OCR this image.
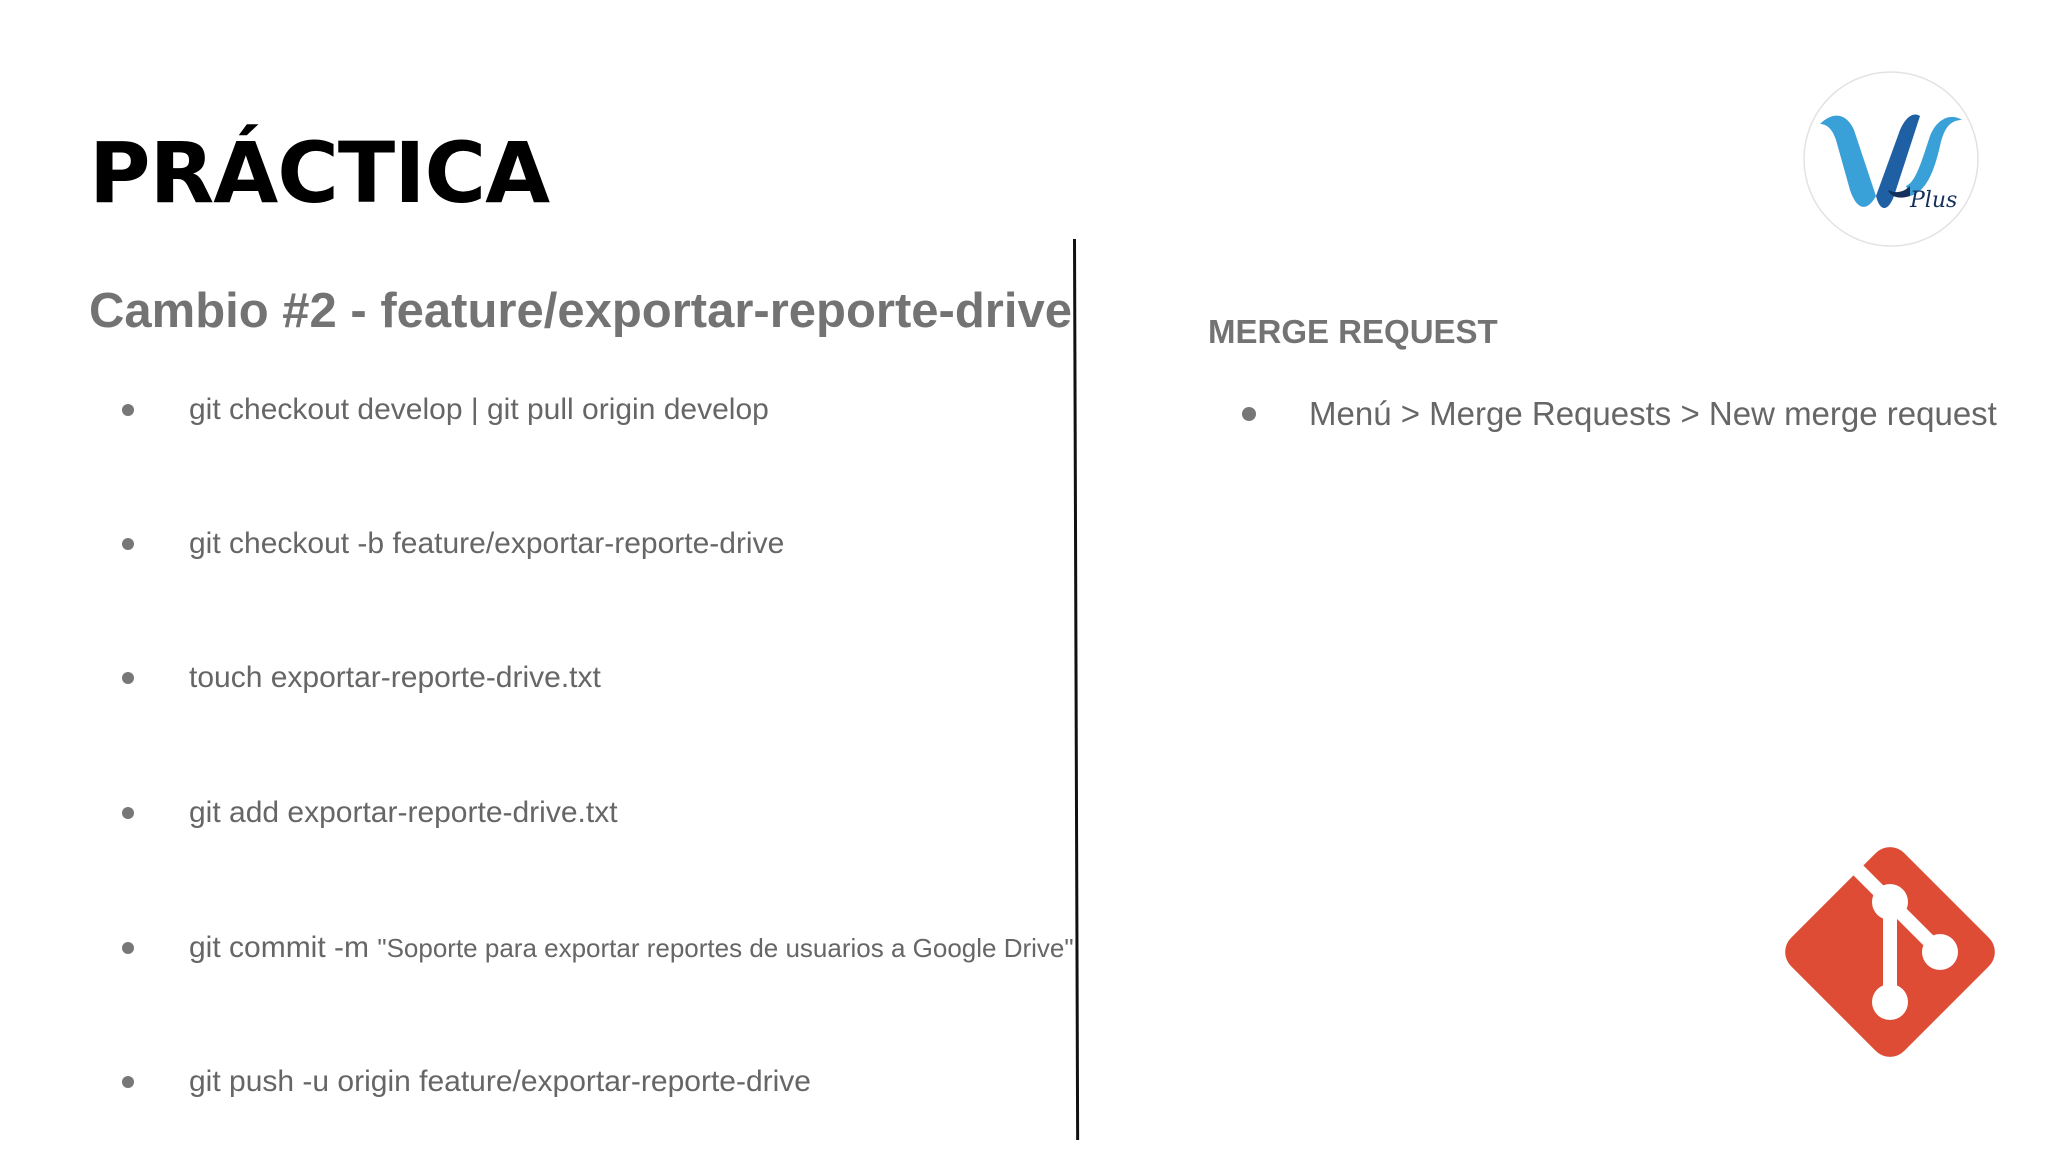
PRÁCTICA
Cambio #2 - feature/exportar-reporte-drive
git checkout develop | git pull origin develop
git checkout -b feature/exportar-reporte-drive
touch exportar-reporte-drive.txt
git add exportar-reporte-drive.txt
git commit -m "Soporte para exportar reportes de usuarios a Google Drive"
git push -u origin feature/exportar-reporte-drive
MERGE REQUEST
Menú > Merge Requests > New merge request
Plus
